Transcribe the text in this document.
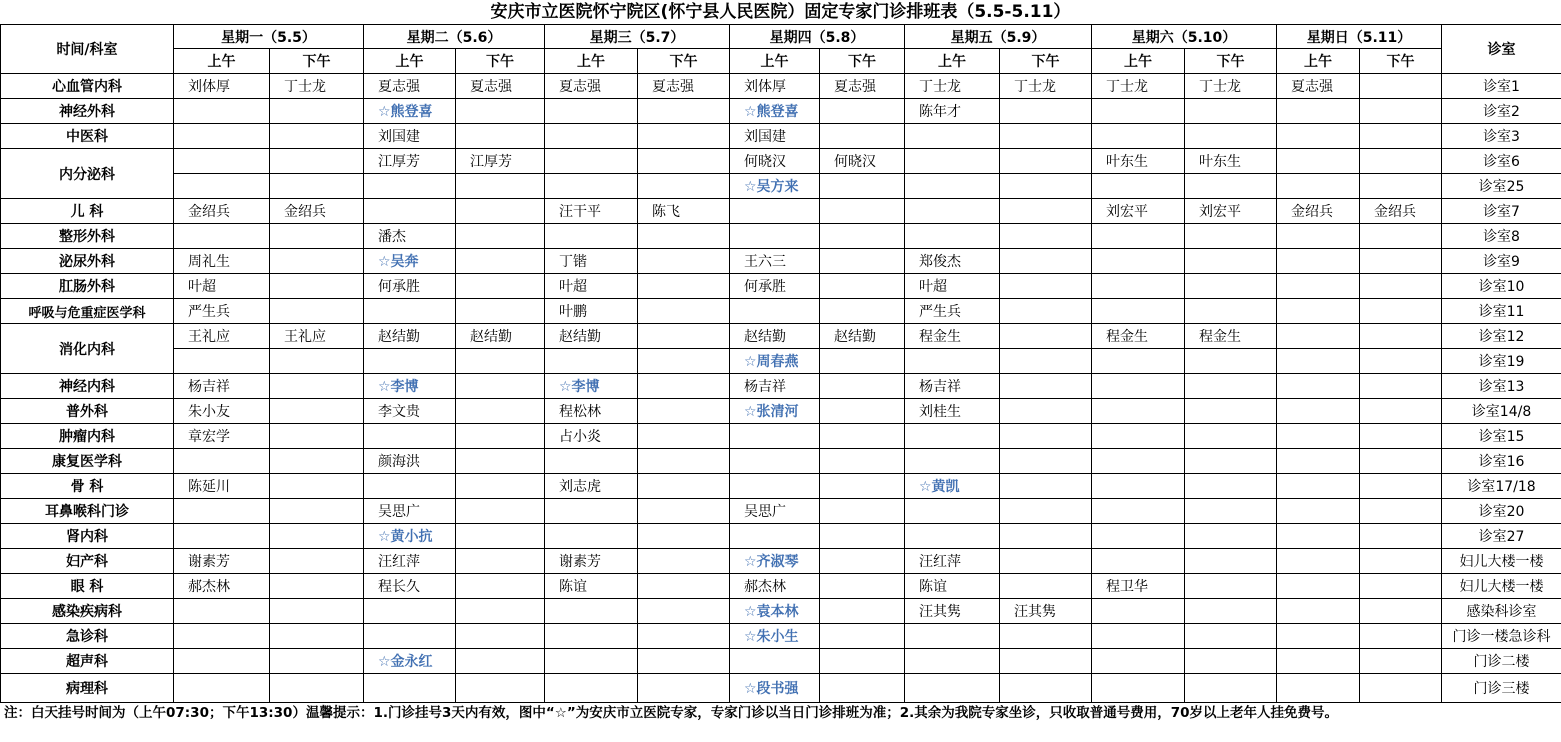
安庆市立医院怀宁院区(怀宁县人民医院）固定专家门诊排班表（5.5-5.11）
时间/科室	星期一（5.5）		星期二（5.6）		星期三（5.7）		星期四（5.8）		星期五（5.9）		星期六（5.10）		星期日（5.11）		诊室
	上午	下午	上午	下午	上午	下午	上午	下午	上午	下午	上午	下午	上午	下午	
心血管内科	刘体厚	丁士龙	夏志强	夏志强	夏志强	夏志强	刘体厚	夏志强	丁士龙	丁士龙	丁士龙	丁士龙	夏志强		诊室1
神经外科			☆熊登喜				☆熊登喜		陈年才						诊室2
中医科			刘国建				刘国建								诊室3
内分泌科			江厚芳	江厚芳			何晓汉	何晓汉			叶东生	叶东生			诊室6
							☆吴方来								诊室25
儿 科	金绍兵	金绍兵			汪干平	陈飞					刘宏平	刘宏平	金绍兵	金绍兵	诊室7
整形外科			潘杰												诊室8
泌尿外科	周礼生		☆吴奔		丁锴		王六三		郑俊杰						诊室9
肛肠外科	叶超		何承胜		叶超		何承胜		叶超						诊室10
呼吸与危重症医学科	严生兵				叶鹏				严生兵						诊室11
消化内科	王礼应	王礼应	赵结勤	赵结勤	赵结勤		赵结勤	赵结勤	程金生		程金生	程金生			诊室12
							☆周春燕								诊室19
神经内科	杨吉祥		☆李博		☆李博		杨吉祥		杨吉祥						诊室13
普外科	朱小友		李文贵		程松林		☆张清河		刘桂生						诊室14/8
肿瘤内科	章宏学				占小炎										诊室15
康复医学科			颜海洪												诊室16
骨 科	陈延川				刘志虎				☆黄凯						诊室17/18
耳鼻喉科门诊			吴思广				吴思广								诊室20
肾内科			☆黄小抗												诊室27
妇产科	谢素芳		汪红萍		谢素芳		☆齐淑琴		汪红萍						妇儿大楼一楼
眼 科	郝杰林		程长久		陈谊		郝杰林		陈谊		程卫华				妇儿大楼一楼
感染疾病科							☆袁本林		汪其隽	汪其隽					感染科诊室
急诊科							☆朱小生								门诊一楼急诊科
超声科			☆金永红												门诊二楼
病理科							☆段书强								门诊三楼
注：白天挂号时间为（上午07:30；下午13:30）温馨提示：1.门诊挂号3天内有效，图中“☆”为安庆市立医院专家，专家门诊以当日门诊排班为准；2.其余为我院专家坐诊，只收取普通号费用，70岁以上老年人挂免费号。
